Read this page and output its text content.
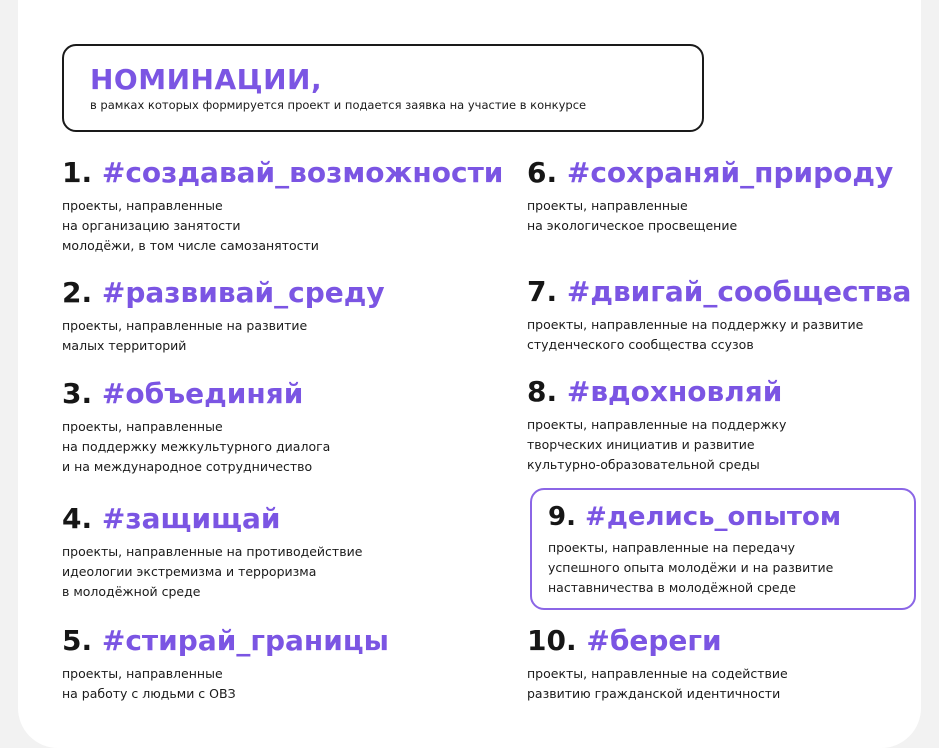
НОМИНАЦИИ,
в рамках которых формируется проект и подается заявка на участие в конкурсе
1. #создавай_возможности
проекты, направленные
на организацию занятости
молодёжи, в том числе самозанятости
2. #развивай_среду
проекты, направленные на развитие
малых территорий
3. #объединяй
проекты, направленные
на поддержку межкультурного диалога
и на международное сотрудничество
4. #защищай
проекты, направленные на противодействие
идеологии экстремизма и терроризма
в молодёжной среде
5. #стирай_границы
проекты, направленные
на работу с людьми с ОВЗ
6. #сохраняй_природу
проекты, направленные
на экологическое просвещение
7. #двигай_сообщества
проекты, направленные на поддержку и развитие
студенческого сообщества ссузов
8. #вдохновляй
проекты, направленные на поддержку
творческих инициатив и развитие
культурно-образовательной среды
9. #делись_опытом
проекты, направленные на передачу
успешного опыта молодёжи и на развитие
наставничества в молодёжной среде
10. #береги
проекты, направленные на содействие
развитию гражданской идентичности
